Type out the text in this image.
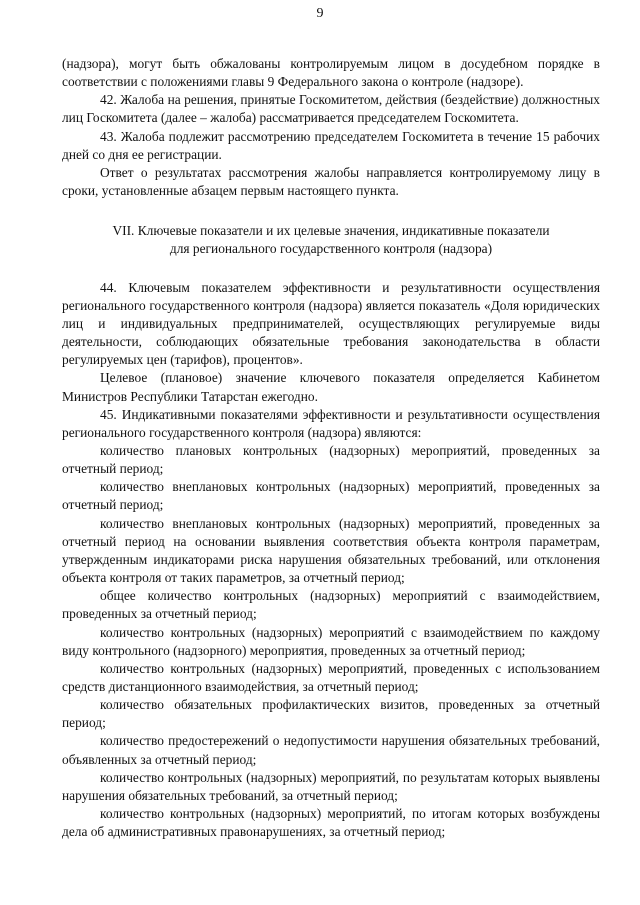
9

(надзора), могут быть обжалованы контролируемым лицом в досудебном порядке в соответствии с положениями главы 9 Федерального закона о контроле (надзоре).

42. Жалоба на решения, принятые Госкомитетом, действия (бездействие) должностных лиц Госкомитета (далее – жалоба) рассматривается председателем Госкомитета.

43. Жалоба подлежит рассмотрению председателем Госкомитета в течение 15 рабочих дней со дня ее регистрации.

Ответ о результатах рассмотрения жалобы направляется контролируемому лицу в сроки, установленные абзацем первым настоящего пункта.

VII. Ключевые показатели и их целевые значения, индикативные показатели
для регионального государственного контроля (надзора)

44. Ключевым показателем эффективности и результативности осуществления регионального государственного контроля (надзора) является показатель «Доля юридических лиц и индивидуальных предпринимателей, осуществляющих регулируемые виды деятельности, соблюдающих обязательные требования законодательства в области регулируемых цен (тарифов), процентов».

Целевое (плановое) значение ключевого показателя определяется Кабинетом Министров Республики Татарстан ежегодно.

45. Индикативными показателями эффективности и результативности осуществления регионального государственного контроля (надзора) являются:

количество плановых контрольных (надзорных) мероприятий, проведенных за отчетный период;

количество внеплановых контрольных (надзорных) мероприятий, проведенных за отчетный период;

количество внеплановых контрольных (надзорных) мероприятий, проведенных за отчетный период на основании выявления соответствия объекта контроля параметрам, утвержденным индикаторами риска нарушения обязательных требований, или отклонения объекта контроля от таких параметров, за отчетный период;

общее количество контрольных (надзорных) мероприятий с взаимодействием, проведенных за отчетный период;

количество контрольных (надзорных) мероприятий с взаимодействием по каждому виду контрольного (надзорного) мероприятия, проведенных за отчетный период;

количество контрольных (надзорных) мероприятий, проведенных с использованием средств дистанционного взаимодействия, за отчетный период;

количество обязательных профилактических визитов, проведенных за отчетный период;

количество предостережений о недопустимости нарушения обязательных требований, объявленных за отчетный период;

количество контрольных (надзорных) мероприятий, по результатам которых выявлены нарушения обязательных требований, за отчетный период;

количество контрольных (надзорных) мероприятий, по итогам которых возбуждены дела об административных правонарушениях, за отчетный период;
